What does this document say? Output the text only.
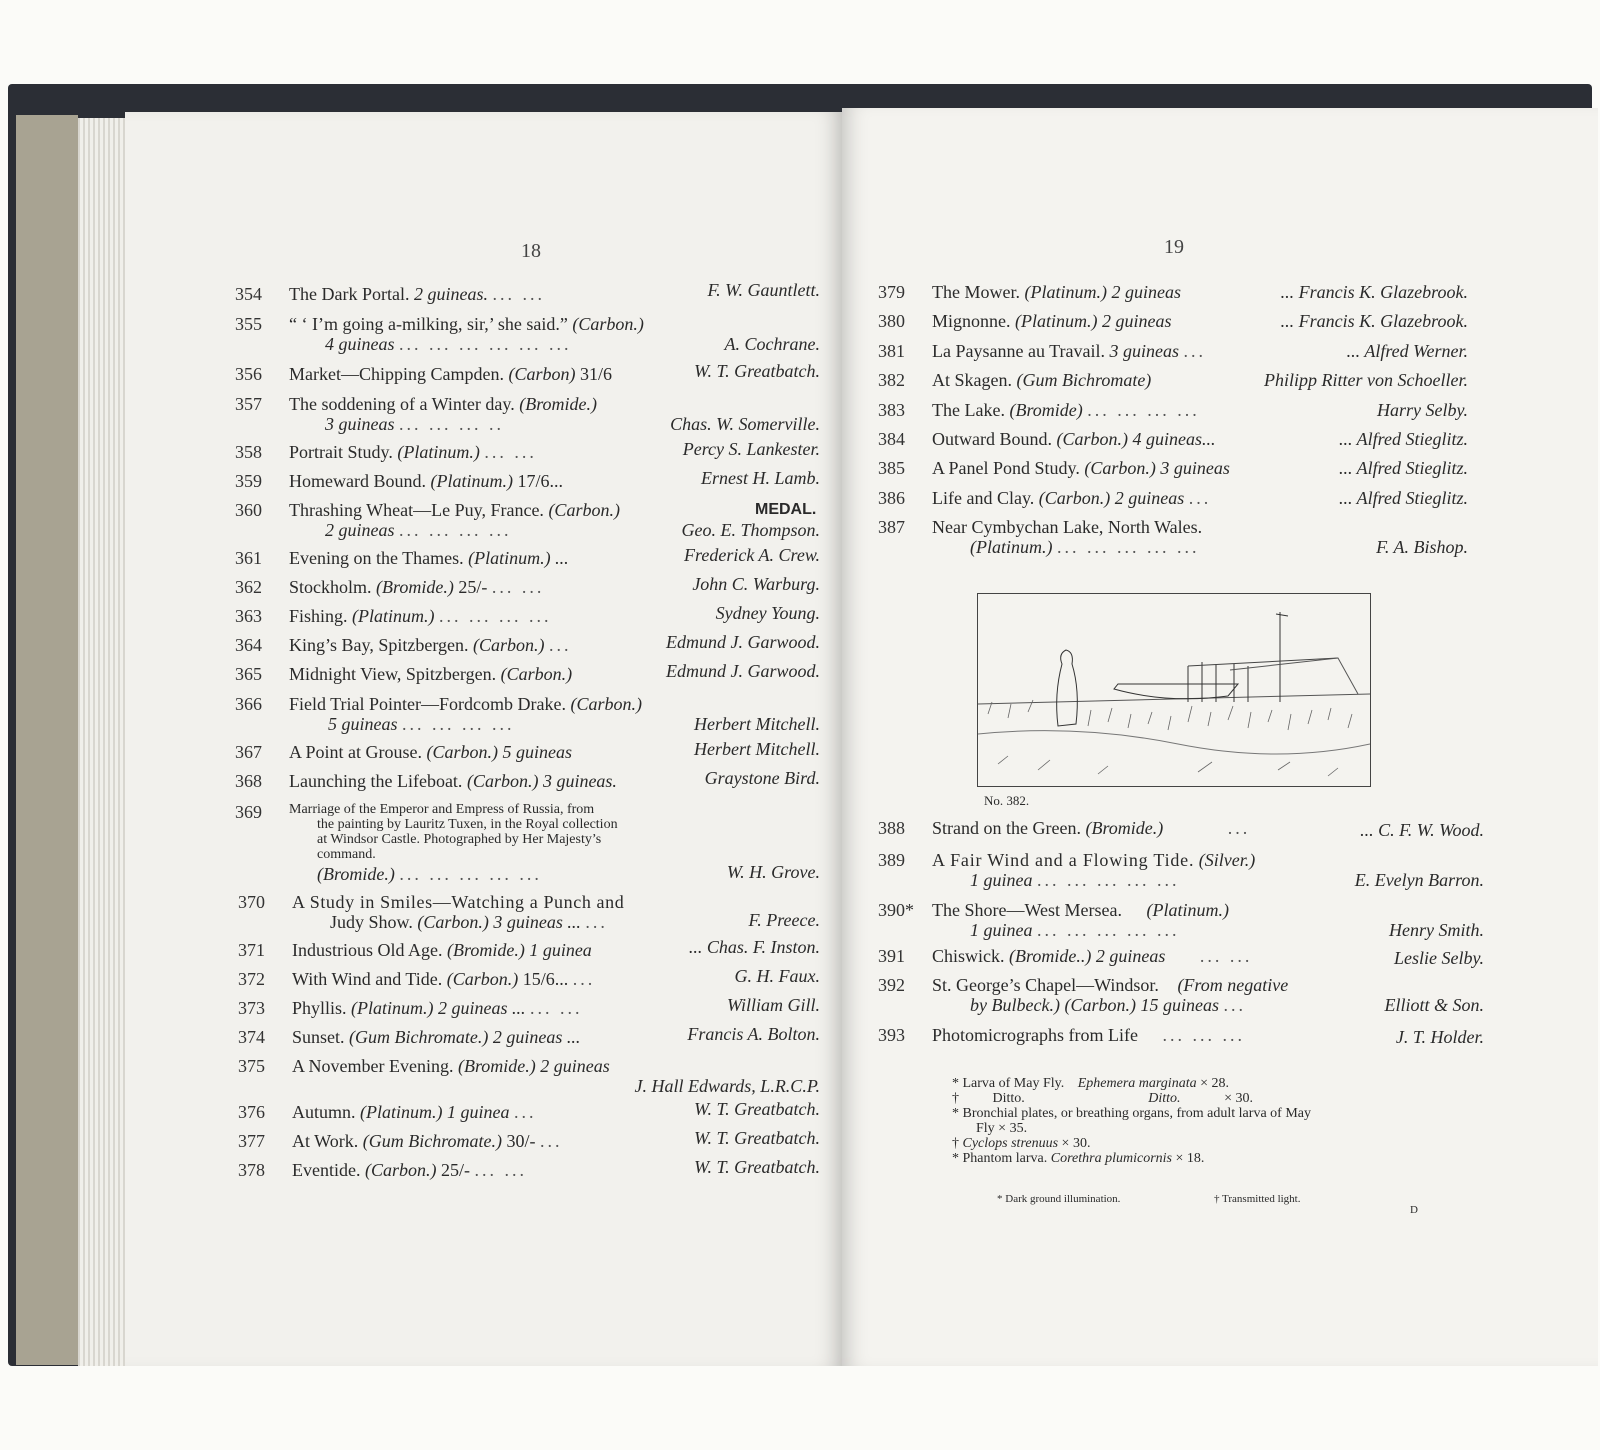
18
354 The Dark Portal. 2 guineas. ... ...	F. W. Gauntlett.
355 “ ‘ I’m going a-milking, sir,’ she said.” (Carbon.)
4 guineas ... ... ... ... ... ...	A. Cochrane.
356 Market—Chipping Campden. (Carbon) 31/6	W. T. Greatbatch.
357 The soddening of a Winter day. (Bromide.)
3 guineas ... ... ... ..	Chas. W. Somerville.
358 Portrait Study. (Platinum.) ... ...	Percy S. Lankester.
359 Homeward Bound. (Platinum.) 17/6...	Ernest H. Lamb.
360 Thrashing Wheat—Le Puy, France. (Carbon.)	MEDAL.
2 guineas ... ... ... ...	Geo. E. Thompson.
361 Evening on the Thames. (Platinum.) ...	Frederick A. Crew.
362 Stockholm. (Bromide.) 25/- ... ...	John C. Warburg.
363 Fishing. (Platinum.) ... ... ... ...	Sydney Young.
364 King’s Bay, Spitzbergen. (Carbon.) ...	Edmund J. Garwood.
365 Midnight View, Spitzbergen. (Carbon.)	Edmund J. Garwood.
366 Field Trial Pointer—Fordcomb Drake. (Carbon.)
5 guineas ... ... ... ...	Herbert Mitchell.
367 A Point at Grouse. (Carbon.) 5 guineas	Herbert Mitchell.
368 Launching the Lifeboat. (Carbon.) 3 guineas.	Graystone Bird.
369 Marriage of the Emperor and Empress of Russia, from
the painting by Lauritz Tuxen, in the Royal collection
at Windsor Castle. Photographed by Her Majesty’s
command.
(Bromide.) ... ... ... ... ...	W. H. Grove.
370 A Study in Smiles—Watching a Punch and
Judy Show. (Carbon.) 3 guineas ... ...	F. Preece.
371 Industrious Old Age. (Bromide.) 1 guinea	... Chas. F. Inston.
372 With Wind and Tide. (Carbon.) 15/6... ...	G. H. Faux.
373 Phyllis. (Platinum.) 2 guineas ... ... ...	William Gill.
374 Sunset. (Gum Bichromate.) 2 guineas ...	Francis A. Bolton.
375 A November Evening. (Bromide.) 2 guineas
J. Hall Edwards, L.R.C.P.
376 Autumn. (Platinum.) 1 guinea ...	W. T. Greatbatch.
377 At Work. (Gum Bichromate.) 30/- ...	W. T. Greatbatch.
378 Eventide. (Carbon.) 25/- ... ...	W. T. Greatbatch.
19
379 The Mower. (Platinum.) 2 guineas	... Francis K. Glazebrook.
380 Mignonne. (Platinum.) 2 guineas	... Francis K. Glazebrook.
381 La Paysanne au Travail. 3 guineas ...	... Alfred Werner.
382 At Skagen. (Gum Bichromate)	Philipp Ritter von Schoeller.
383 The Lake. (Bromide) ... ... ... ...	Harry Selby.
384 Outward Bound. (Carbon.) 4 guineas...	... Alfred Stieglitz.
385 A Panel Pond Study. (Carbon.) 3 guineas	... Alfred Stieglitz.
386 Life and Clay. (Carbon.) 2 guineas ...	... Alfred Stieglitz.
387 Near Cymbychan Lake, North Wales.
(Platinum.) ... ... ... ... ...	F. A. Bishop.
No. 382.
388 Strand on the Green. (Bromide.)	...	... C. F. W. Wood.
389 A Fair Wind and a Flowing Tide. (Silver.)
1 guinea ... ... ... ... ...	E. Evelyn Barron.
390* The Shore—West Mersea. (Platinum.)
1 guinea ... ... ... ... ...	Henry Smith.
391 Chiswick. (Bromide..) 2 guineas ... ...	Leslie Selby.
392 St. George’s Chapel—Windsor. (From negative
by Bulbeck.) (Carbon.) 15 guineas ...	Elliott & Son.
393 Photomicrographs from Life ... ... ...	J. T. Holder.
* Larva of May Fly. Ephemera marginata × 28.
† Ditto.	Ditto.	× 30.
* Bronchial plates, or breathing organs, from adult larva of May
Fly × 35.
† Cyclops strenuus × 30.
* Phantom larva. Corethra plumicornis × 18.
* Dark ground illumination.	† Transmitted light.
D
